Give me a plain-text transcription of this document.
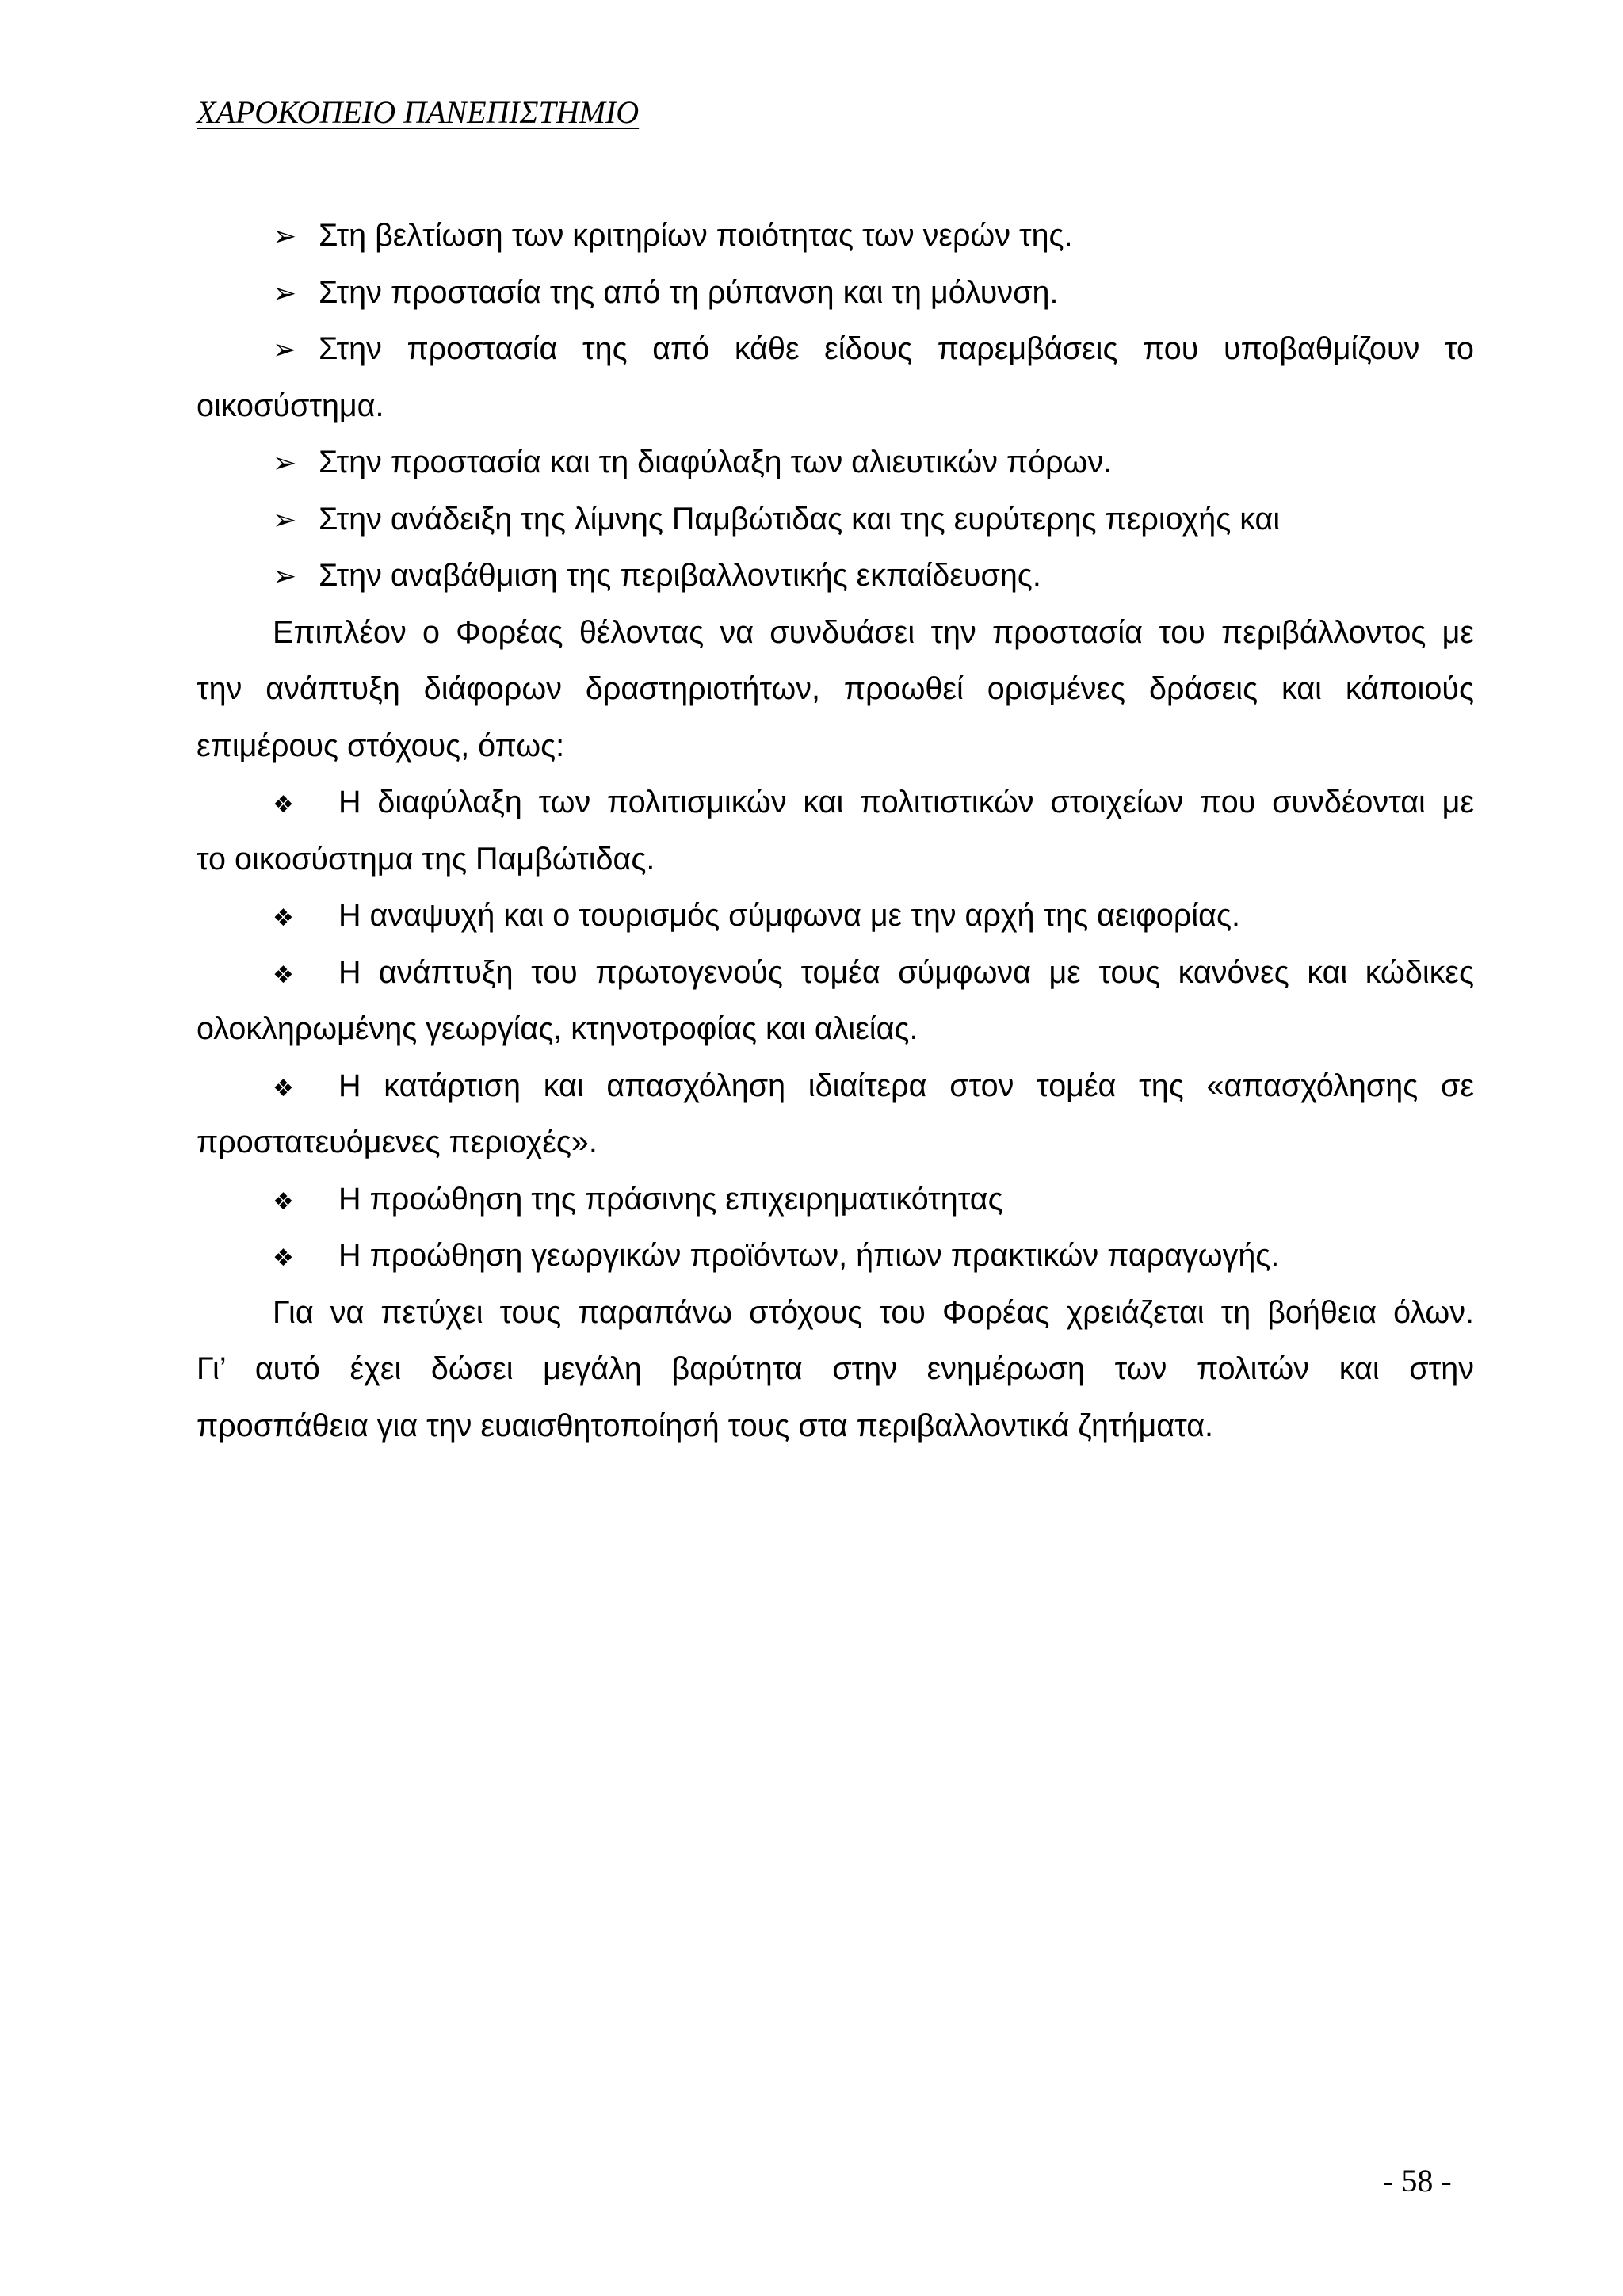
ΧΑΡΟΚΟΠΕΙΟ ΠΑΝΕΠΙΣΤΗΜΙΟ
➢ Στη βελτίωση των κριτηρίων ποιότητας των νερών της.
➢ Στην προστασία της από τη ρύπανση και τη μόλυνση.
➢ Στην προστασία της από κάθε είδους παρεμβάσεις που υποβαθμίζουν το
οικοσύστημα.
➢ Στην προστασία και τη διαφύλαξη των αλιευτικών πόρων.
➢ Στην ανάδειξη της λίμνης Παμβώτιδας και της ευρύτερης περιοχής και
➢ Στην αναβάθμιση της περιβαλλοντικής εκπαίδευσης.
Επιπλέον ο Φορέας θέλοντας να συνδυάσει την προστασία του περιβάλλοντος με
την ανάπτυξη διάφορων δραστηριοτήτων, προωθεί ορισμένες δράσεις και κάποιούς
επιμέρους στόχους, όπως:
❖ Η διαφύλαξη των πολιτισμικών και πολιτιστικών στοιχείων που συνδέονται με
το οικοσύστημα της Παμβώτιδας.
❖ Η αναψυχή και ο τουρισμός σύμφωνα με την αρχή της αειφορίας.
❖ Η ανάπτυξη του πρωτογενούς τομέα σύμφωνα με τους κανόνες και κώδικες
ολοκληρωμένης γεωργίας, κτηνοτροφίας και αλιείας.
❖ Η κατάρτιση και απασχόληση ιδιαίτερα στον τομέα της «απασχόλησης σε
προστατευόμενες περιοχές».
❖ Η προώθηση της πράσινης επιχειρηματικότητας
❖ Η προώθηση γεωργικών προϊόντων, ήπιων πρακτικών παραγωγής.
Για να πετύχει τους παραπάνω στόχους του Φορέας χρειάζεται τη βοήθεια όλων.
Γι’ αυτό έχει δώσει μεγάλη βαρύτητα στην ενημέρωση των πολιτών και στην
προσπάθεια για την ευαισθητοποίησή τους στα περιβαλλοντικά ζητήματα.
- 58 -
